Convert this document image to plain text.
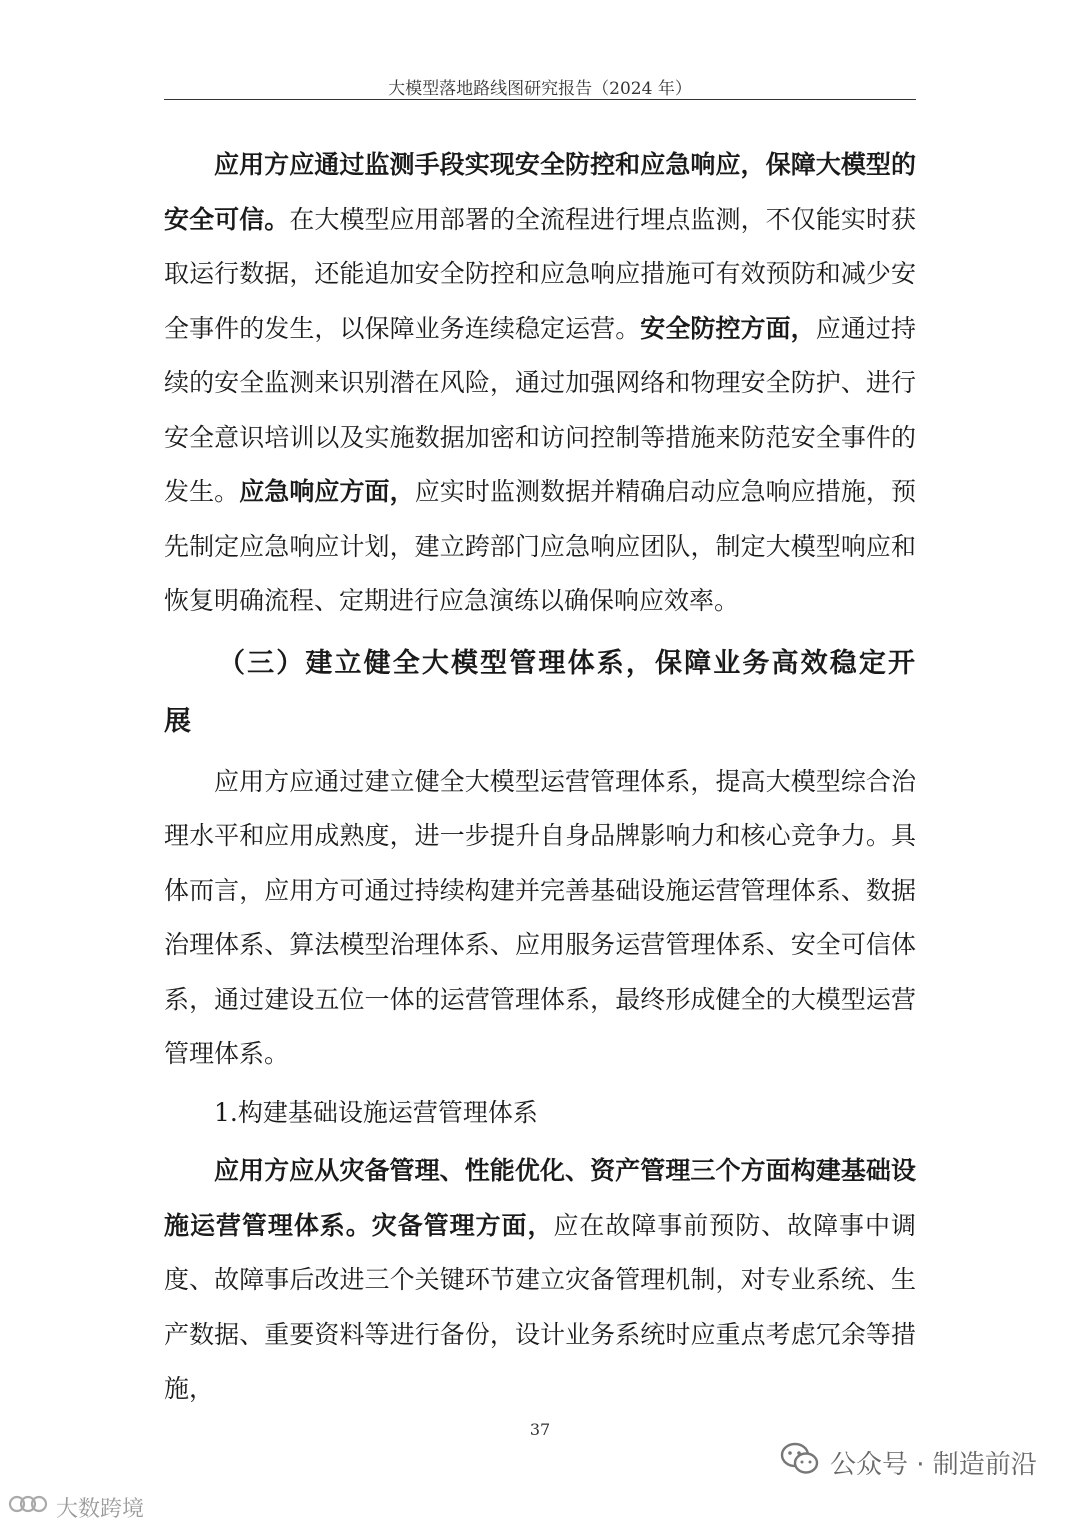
大模型落地路线图研究报告（2024 年）

应用方应通过监测手段实现安全防控和应急响应，保障大模型的安全可信。在大模型应用部署的全流程进行埋点监测，不仅能实时获取运行数据，还能追加安全防控和应急响应措施可有效预防和减少安全事件的发生，以保障业务连续稳定运营。安全防控方面，应通过持续的安全监测来识别潜在风险，通过加强网络和物理安全防护、进行安全意识培训以及实施数据加密和访问控制等措施来防范安全事件的发生。应急响应方面，应实时监测数据并精确启动应急响应措施，预先制定应急响应计划，建立跨部门应急响应团队，制定大模型响应和恢复明确流程、定期进行应急演练以确保响应效率。

（三）建立健全大模型管理体系，保障业务高效稳定开展

应用方应通过建立健全大模型运营管理体系，提高大模型综合治理水平和应用成熟度，进一步提升自身品牌影响力和核心竞争力。具体而言，应用方可通过持续构建并完善基础设施运营管理体系、数据治理体系、算法模型治理体系、应用服务运营管理体系、安全可信体系，通过建设五位一体的运营管理体系，最终形成健全的大模型运营管理体系。

1.构建基础设施运营管理体系

应用方应从灾备管理、性能优化、资产管理三个方面构建基础设施运营管理体系。灾备管理方面，应在故障事前预防、故障事中调度、故障事后改进三个关键环节建立灾备管理机制，对专业系统、生产数据、重要资料等进行备份，设计业务系统时应重点考虑冗余等措施，

37
公众号 · 制造前沿
大数跨境
